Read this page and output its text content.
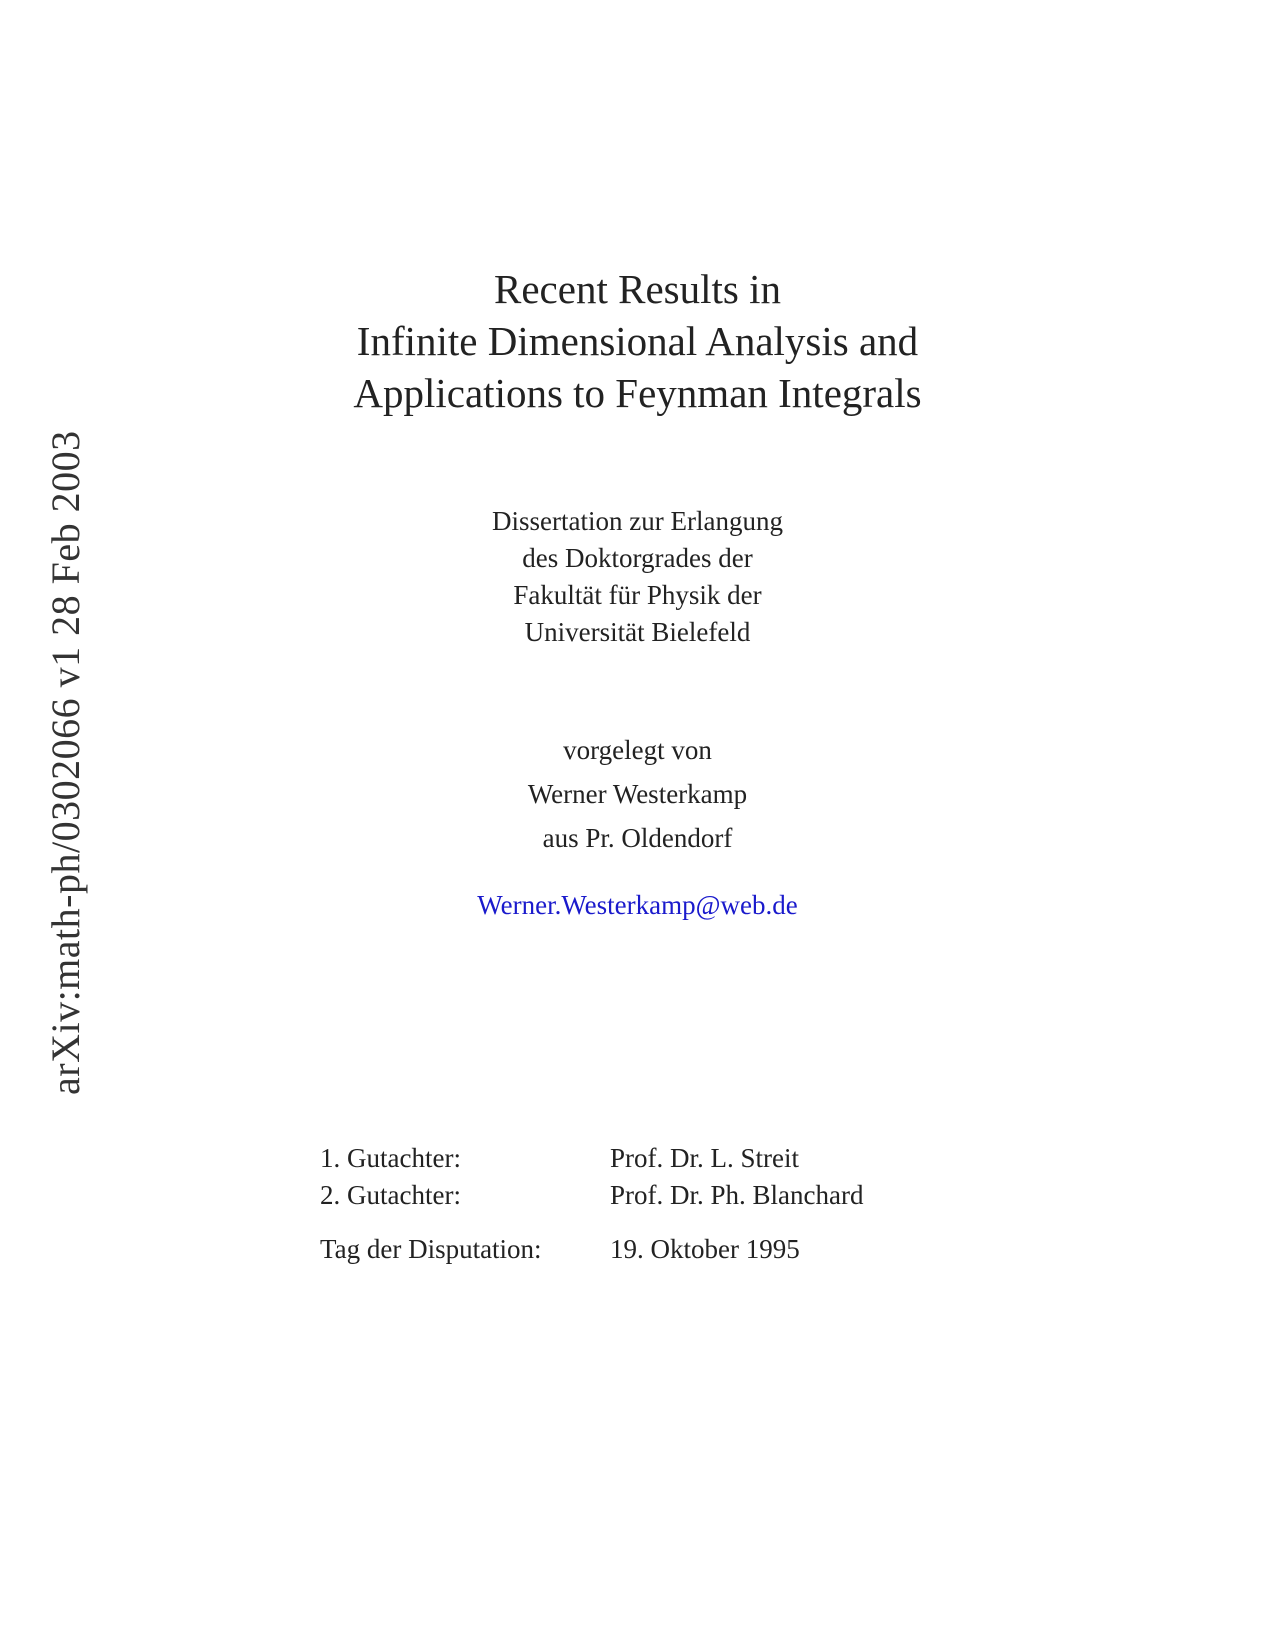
arXiv:math-ph/0302066 v1 28 Feb 2003
Recent Results in
Infinite Dimensional Analysis and
Applications to Feynman Integrals
Dissertation zur Erlangung
des Doktorgrades der
Fakultät für Physik der
Universität Bielefeld
vorgelegt von
Werner Westerkamp
aus Pr. Oldendorf
Werner.Westerkamp@web.de
1. Gutachter:	Prof. Dr. L. Streit
2. Gutachter:	Prof. Dr. Ph. Blanchard
Tag der Disputation:	19. Oktober 1995
